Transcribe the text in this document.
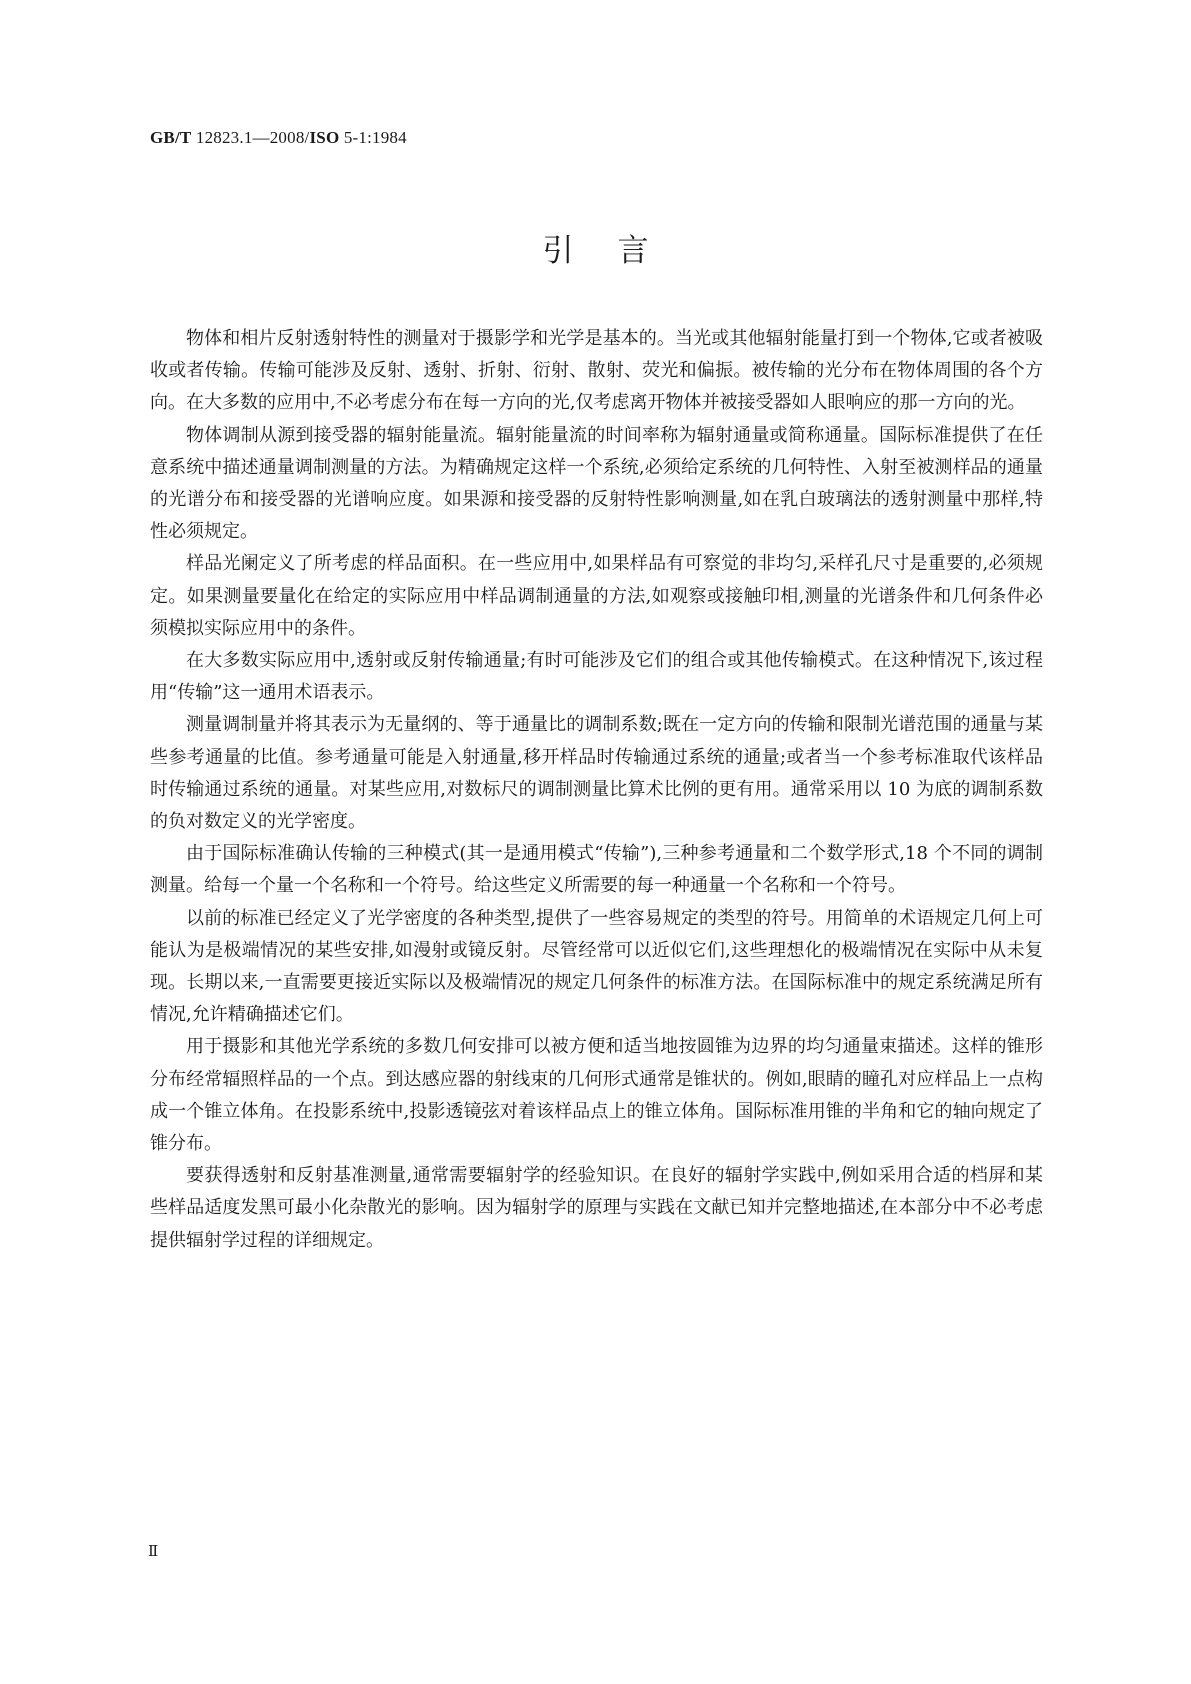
GB/T 12823.1—2008/ISO 5-1:1984
引言

物体和相片反射透射特性的测量对于摄影学和光学是基本的。当光或其他辐射能量打到一个物体,它或者被吸收或者传输。传输可能涉及反射、透射、折射、衍射、散射、荧光和偏振。被传输的光分布在物体周围的各个方向。在大多数的应用中,不必考虑分布在每一方向的光,仅考虑离开物体并被接受器如人眼响应的那一方向的光。

物体调制从源到接受器的辐射能量流。辐射能量流的时间率称为辐射通量或简称通量。国际标准提供了在任意系统中描述通量调制测量的方法。为精确规定这样一个系统,必须给定系统的几何特性、入射至被测样品的通量的光谱分布和接受器的光谱响应度。如果源和接受器的反射特性影响测量,如在乳白玻璃法的透射测量中那样,特性必须规定。

样品光阑定义了所考虑的样品面积。在一些应用中,如果样品有可察觉的非均匀,采样孔尺寸是重要的,必须规定。如果测量要量化在给定的实际应用中样品调制通量的方法,如观察或接触印相,测量的光谱条件和几何条件必须模拟实际应用中的条件。

在大多数实际应用中,透射或反射传输通量;有时可能涉及它们的组合或其他传输模式。在这种情况下,该过程用“传输”这一通用术语表示。

测量调制量并将其表示为无量纲的、等于通量比的调制系数;既在一定方向的传输和限制光谱范围的通量与某些参考通量的比值。参考通量可能是入射通量,移开样品时传输通过系统的通量;或者当一个参考标准取代该样品时传输通过系统的通量。对某些应用,对数标尺的调制测量比算术比例的更有用。通常采用以 10 为底的调制系数的负对数定义的光学密度。

由于国际标准确认传输的三种模式(其一是通用模式“传输”),三种参考通量和二个数学形式,18 个不同的调制测量。给每一个量一个名称和一个符号。给这些定义所需要的每一种通量一个名称和一个符号。

以前的标准已经定义了光学密度的各种类型,提供了一些容易规定的类型的符号。用简单的术语规定几何上可能认为是极端情况的某些安排,如漫射或镜反射。尽管经常可以近似它们,这些理想化的极端情况在实际中从未复现。长期以来,一直需要更接近实际以及极端情况的规定几何条件的标准方法。在国际标准中的规定系统满足所有情况,允许精确描述它们。

用于摄影和其他光学系统的多数几何安排可以被方便和适当地按圆锥为边界的均匀通量束描述。这样的锥形分布经常辐照样品的一个点。到达感应器的射线束的几何形式通常是锥状的。例如,眼睛的瞳孔对应样品上一点构成一个锥立体角。在投影系统中,投影透镜弦对着该样品点上的锥立体角。国际标准用锥的半角和它的轴向规定了锥分布。

要获得透射和反射基准测量,通常需要辐射学的经验知识。在良好的辐射学实践中,例如采用合适的档屏和某些样品适度发黑可最小化杂散光的影响。因为辐射学的原理与实践在文献已知并完整地描述,在本部分中不必考虑提供辐射学过程的详细规定。

Ⅱ
